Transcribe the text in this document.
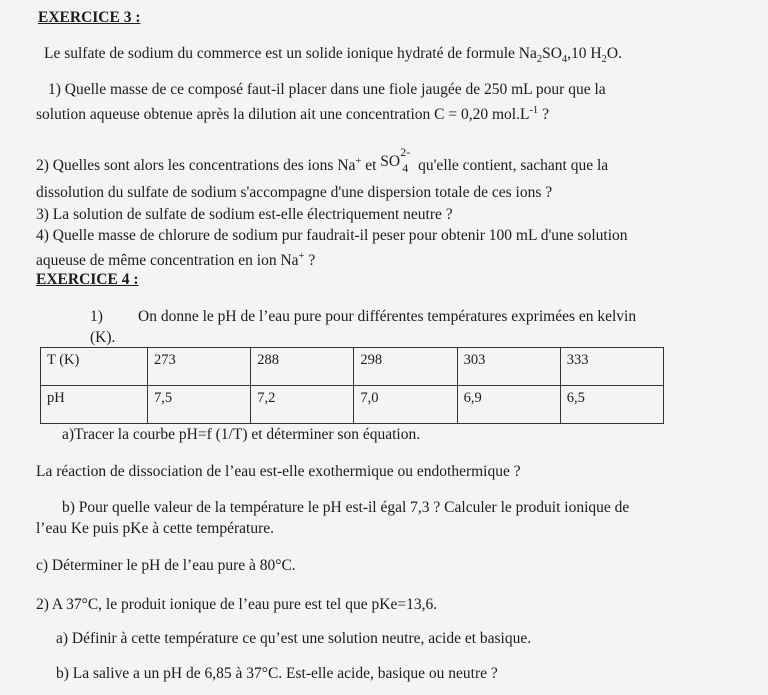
EXERCICE 3 :
Le sulfate de sodium du commerce est un solide ionique hydraté de formule $Na_2SO_4,10$ $H_2O$.
1) Quelle masse de ce composé faut-il placer dans une fiole jaugée de 250 mL pour que la
solution aqueuse obtenue après la dilution ait une concentration C = 0,20 $mol.L^{-1}$ ?
2) Quelles sont alors les concentrations des ions Na+ et SO
2-
4 qu'elle contient, sachant que la
dissolution du sulfate de sodium s'accompagne d'une dispersion totale de ces ions ?
3) La solution de sulfate de sodium est-elle électriquement neutre ?
4) Quelle masse de chlorure de sodium pur faudrait-il peser pour obtenir 100 mL d'une solution
aqueuse de même concentration en ion Na+ ?
EXERCICE 4 :
1) On donne le pH de l’eau pure pour différentes températures exprimées en kelvin
(K).
T (K)	273	288	298	303	333
pH	7,5	7,2	7,0	6,9	6,5
a)Tracer la courbe pH=f (1/T) et déterminer son équation.
La réaction de dissociation de l’eau est-elle exothermique ou endothermique ?
b) Pour quelle valeur de la température le pH est-il égal 7,3 ? Calculer le produit ionique de
l’eau Ke puis pKe à cette température.
c) Déterminer le pH de l’eau pure à 80°C.
2) A 37°C, le produit ionique de l’eau pure est tel que pKe=13,6.
a) Définir à cette température ce qu’est une solution neutre, acide et basique.
b) La salive a un pH de 6,85 à 37°C. Est-elle acide, basique ou neutre ?
